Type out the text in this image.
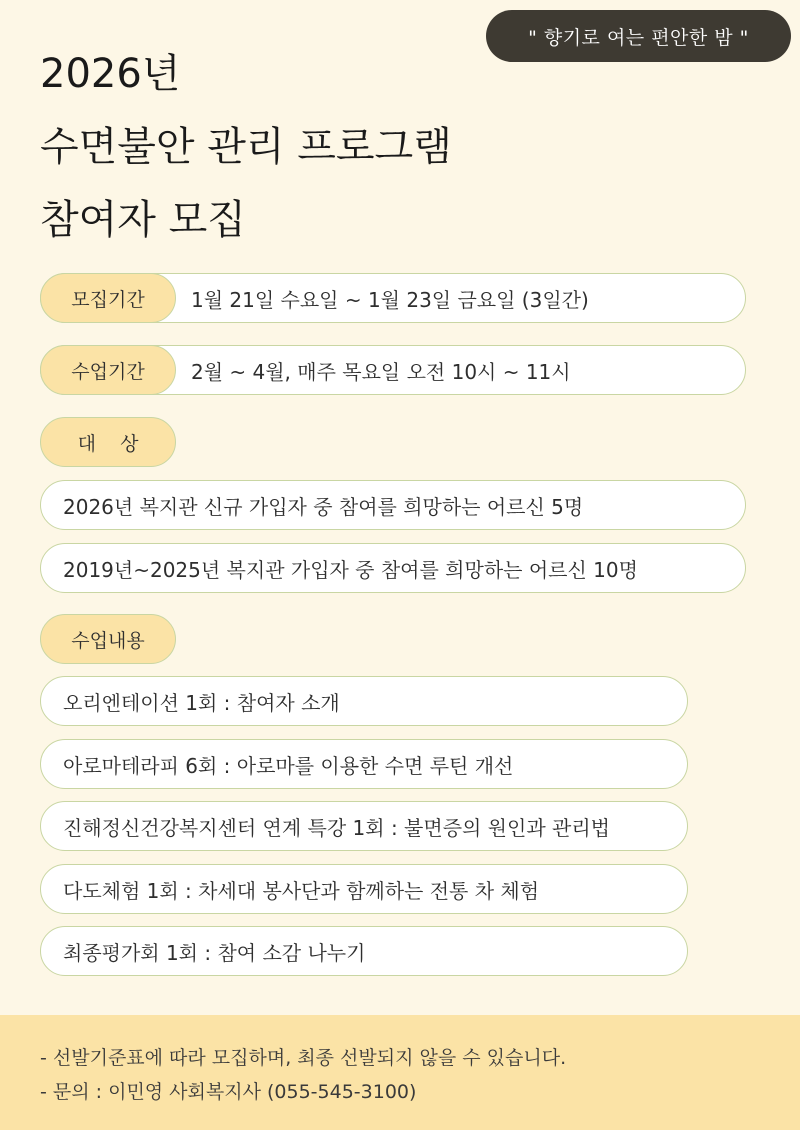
" 향기로 여는 편안한 밤 "
2026년
수면불안 관리 프로그램
참여자 모집
1월 21일 수요일 ~ 1월 23일 금요일 (3일간)
모집기간
2월 ~ 4월, 매주 목요일 오전 10시 ~ 11시
수업기간
대    상
2026년 복지관 신규 가입자 중 참여를 희망하는 어르신 5명
2019년~2025년 복지관 가입자 중 참여를 희망하는 어르신 10명
수업내용
오리엔테이션 1회 : 참여자 소개
아로마테라피 6회 : 아로마를 이용한 수면 루틴 개선
진해정신건강복지센터 연계 특강 1회 : 불면증의 원인과 관리법
다도체험 1회 : 차세대 봉사단과 함께하는 전통 차 체험
최종평가회 1회 : 참여 소감 나누기
- 선발기준표에 따라 모집하며, 최종 선발되지 않을 수 있습니다.
- 문의 : 이민영 사회복지사 (055-545-3100)
